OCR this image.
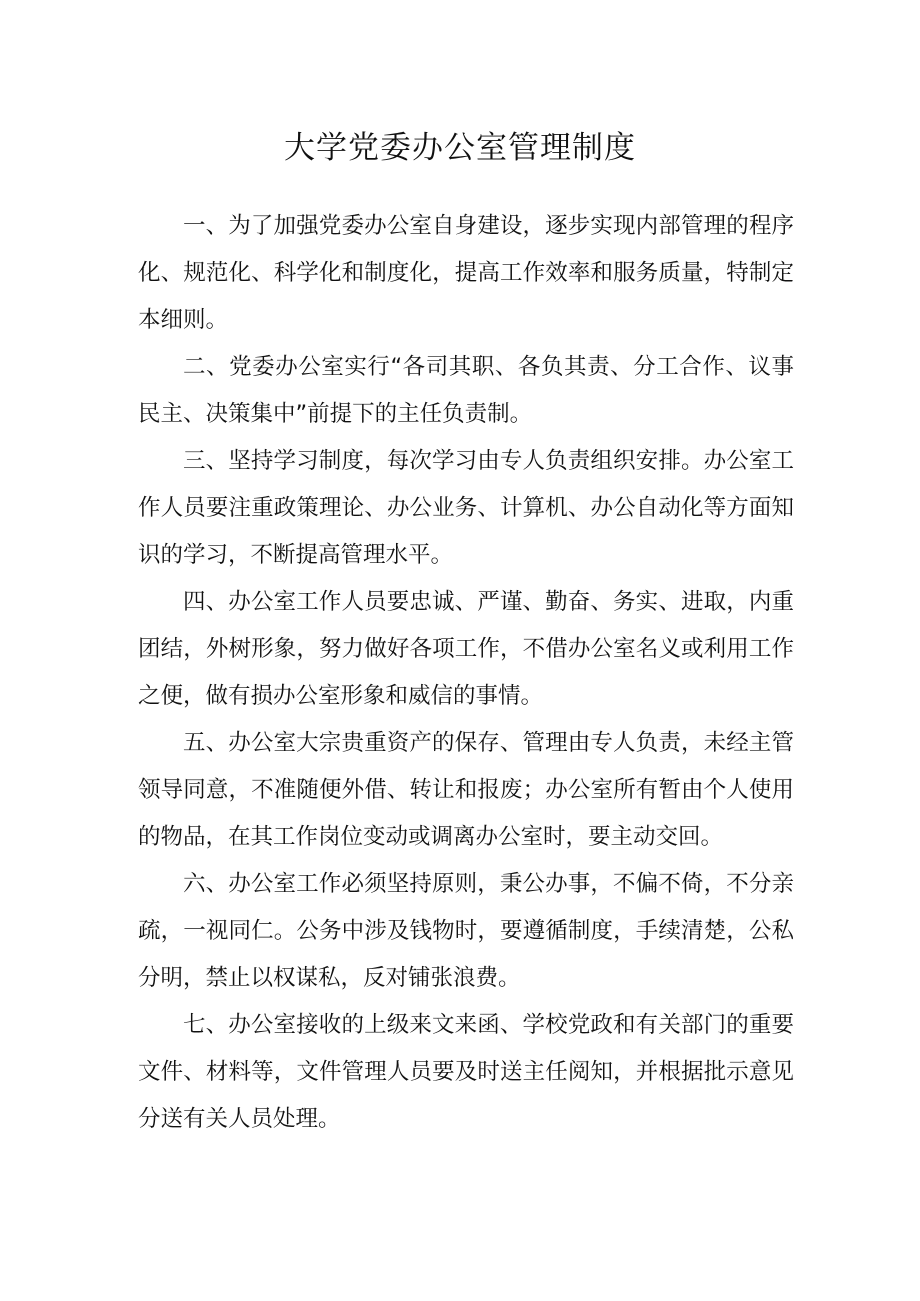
大学党委办公室管理制度

一、为了加强党委办公室自身建设，逐步实现内部管理的程序化、规范化、科学化和制度化，提高工作效率和服务质量，特制定本细则。

二、党委办公室实行“各司其职、各负其责、分工合作、议事民主、决策集中”前提下的主任负责制。

三、坚持学习制度，每次学习由专人负责组织安排。办公室工作人员要注重政策理论、办公业务、计算机、办公自动化等方面知识的学习，不断提高管理水平。

四、办公室工作人员要忠诚、严谨、勤奋、务实、进取，内重团结，外树形象，努力做好各项工作，不借办公室名义或利用工作之便，做有损办公室形象和威信的事情。

五、办公室大宗贵重资产的保存、管理由专人负责，未经主管领导同意，不准随便外借、转让和报废；办公室所有暂由个人使用的物品，在其工作岗位变动或调离办公室时，要主动交回。

六、办公室工作必须坚持原则，秉公办事，不偏不倚，不分亲疏，一视同仁。公务中涉及钱物时，要遵循制度，手续清楚，公私分明，禁止以权谋私，反对铺张浪费。

七、办公室接收的上级来文来函、学校党政和有关部门的重要文件、材料等，文件管理人员要及时送主任阅知，并根据批示意见分送有关人员处理。
